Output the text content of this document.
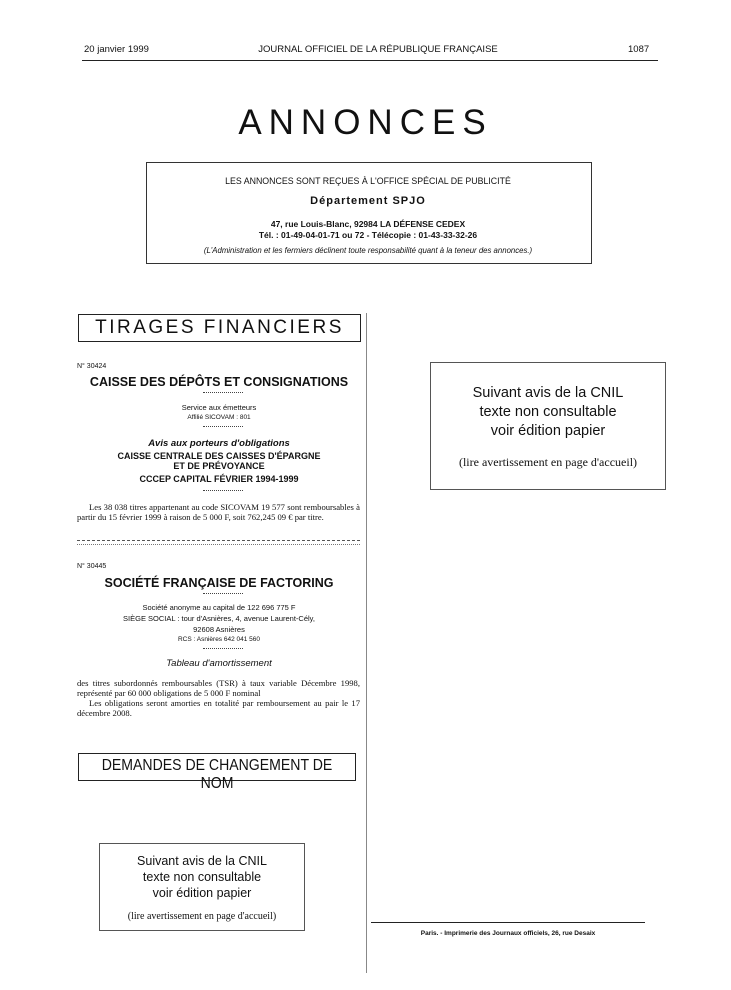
20 janvier 1999	JOURNAL OFFICIEL DE LA RÉPUBLIQUE FRANÇAISE	1087
ANNONCES
LES ANNONCES SONT REÇUES À L'OFFICE SPÉCIAL DE PUBLICITÉ
Département SPJO
47, rue Louis-Blanc, 92984 LA DÉFENSE CEDEX
Tél. : 01-49-04-01-71 ou 72 - Télécopie : 01-43-33-32-26
(L'Administration et les fermiers déclinent toute responsabilité quant à la teneur des annonces.)
TIRAGES FINANCIERS
N° 30424
CAISSE DES DÉPÔTS ET CONSIGNATIONS
Service aux émetteurs
Affilié SICOVAM : 801
Avis aux porteurs d'obligations
CAISSE CENTRALE DES CAISSES D'ÉPARGNE
ET DE PRÉVOYANCE
CCCEP CAPITAL FÉVRIER 1994-1999

Les 38 038 titres appartenant au code SICOVAM 19 577 sont remboursables à partir du 15 février 1999 à raison de 5 000 F, soit 762,245 09 € par titre.

N° 30445
SOCIÉTÉ FRANÇAISE DE FACTORING
Société anonyme au capital de 122 696 775 F
SIÈGE SOCIAL : tour d'Asnières, 4, avenue Laurent-Cély,
92608 Asnières
RCS : Asnières 642 041 560
Tableau d'amortissement

des titres subordonnés remboursables (TSR) à taux variable Décembre 1998, représenté par 60 000 obligations de 5 000 F nominal

Les obligations seront amorties en totalité par remboursement au pair le 17 décembre 2008.

DEMANDES DE CHANGEMENT DE NOM
Suivant avis de la CNIL
texte non consultable
voir édition papier
(lire avertissement en page d'accueil)
Suivant avis de la CNIL
texte non consultable
voir édition papier
(lire avertissement en page d'accueil)
Paris. - Imprimerie des Journaux officiels, 26, rue Desaix
